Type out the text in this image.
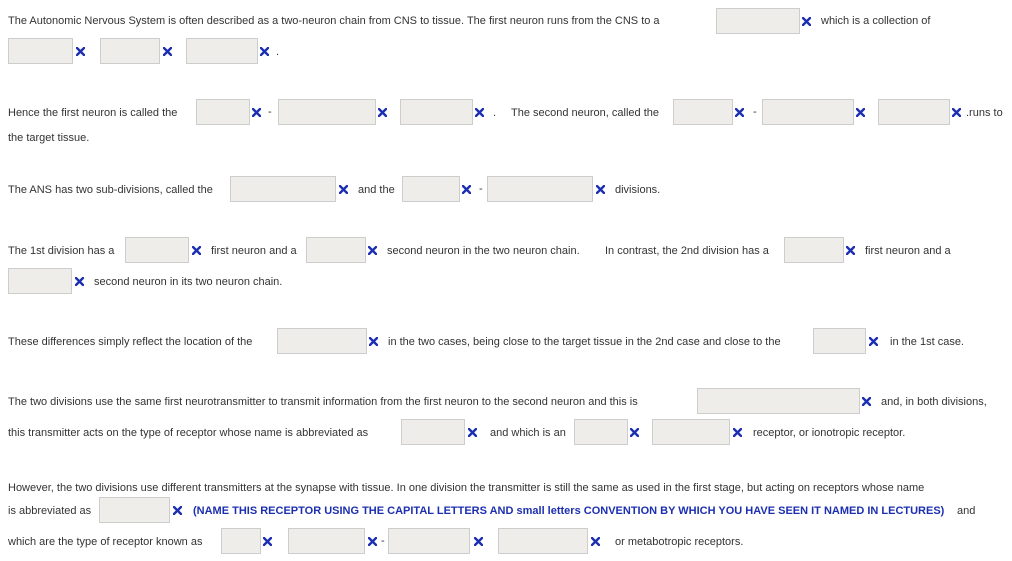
The Autonomic Nervous System is often described as a two-neuron chain from CNS to tissue. The first neuron runs from the CNS to a	which is a collection of
.
Hence the first neuron is called the	-	. The second neuron, called the	-	.runs to
the target tissue.
The ANS has two sub-divisions, called the	and the	-	divisions.
The 1st division has a	first neuron and a	second neuron in the two neuron chain. In contrast, the 2nd division has a	first neuron and a
second neuron in its two neuron chain.
These differences simply reflect the location of the	in the two cases, being close to the target tissue in the 2nd case and close to the	in the 1st case.
The two divisions use the same first neurotransmitter to transmit information from the first neuron to the second neuron and this is	and, in both divisions,
this transmitter acts on the type of receptor whose name is abbreviated as	and which is an	receptor, or ionotropic receptor.
However, the two divisions use different transmitters at the synapse with tissue. In one division the transmitter is still the same as used in the first stage, but acting on receptors whose name
is abbreviated as	(NAME THIS RECEPTOR USING THE CAPITAL LETTERS AND small letters CONVENTION BY WHICH YOU HAVE SEEN IT NAMED IN LECTURES) and
which are the type of receptor known as	-	or metabotropic receptors.
